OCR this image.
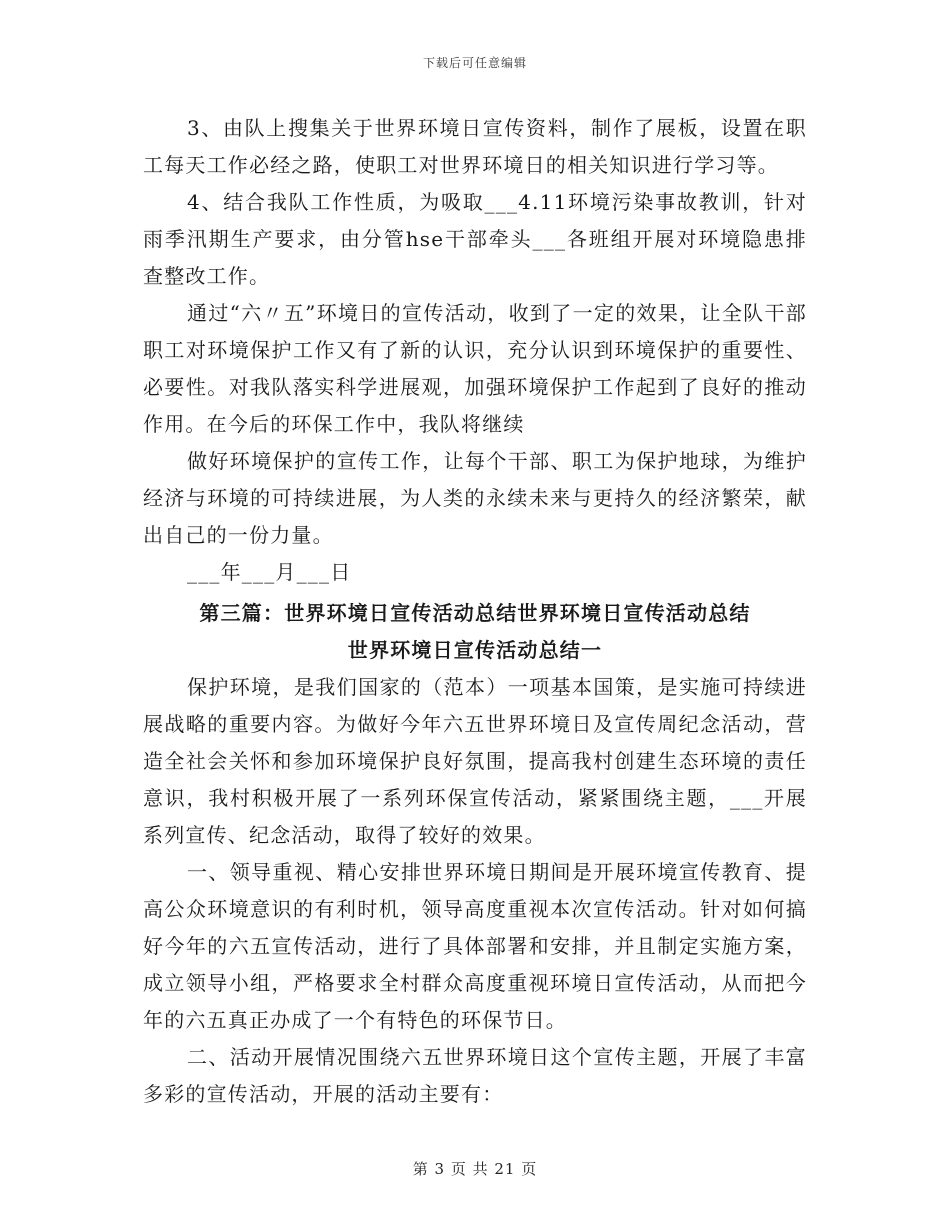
下载后可任意编辑

3、由队上搜集关于世界环境日宣传资料，制作了展板，设置在职工每天工作必经之路，使职工对世界环境日的相关知识进行学习等。

4、结合我队工作性质，为吸取___4.11环境污染事故教训，针对雨季汛期生产要求，由分管hse干部牵头___各班组开展对环境隐患排查整改工作。

通过“六〃五”环境日的宣传活动，收到了一定的效果，让全队干部职工对环境保护工作又有了新的认识，充分认识到环境保护的重要性、必要性。对我队落实科学进展观，加强环境保护工作起到了良好的推动作用。在今后的环保工作中，我队将继续

做好环境保护的宣传工作，让每个干部、职工为保护地球，为维护经济与环境的可持续进展，为人类的永续未来与更持久的经济繁荣，献出自己的一份力量。

___年___月___日

第三篇：世界环境日宣传活动总结世界环境日宣传活动总结

世界环境日宣传活动总结一

保护环境，是我们国家的（范本）一项基本国策，是实施可持续进展战略的重要内容。为做好今年六五世界环境日及宣传周纪念活动，营造全社会关怀和参加环境保护良好氛围，提高我村创建生态环境的责任意识，我村积极开展了一系列环保宣传活动，紧紧围绕主题，___开展系列宣传、纪念活动，取得了较好的效果。

一、领导重视、精心安排世界环境日期间是开展环境宣传教育、提高公众环境意识的有利时机，领导高度重视本次宣传活动。针对如何搞好今年的六五宣传活动，进行了具体部署和安排，并且制定实施方案，成立领导小组，严格要求全村群众高度重视环境日宣传活动，从而把今年的六五真正办成了一个有特色的环保节日。

二、活动开展情况围绕六五世界环境日这个宣传主题，开展了丰富多彩的宣传活动，开展的活动主要有：

第 3 页 共 21 页
